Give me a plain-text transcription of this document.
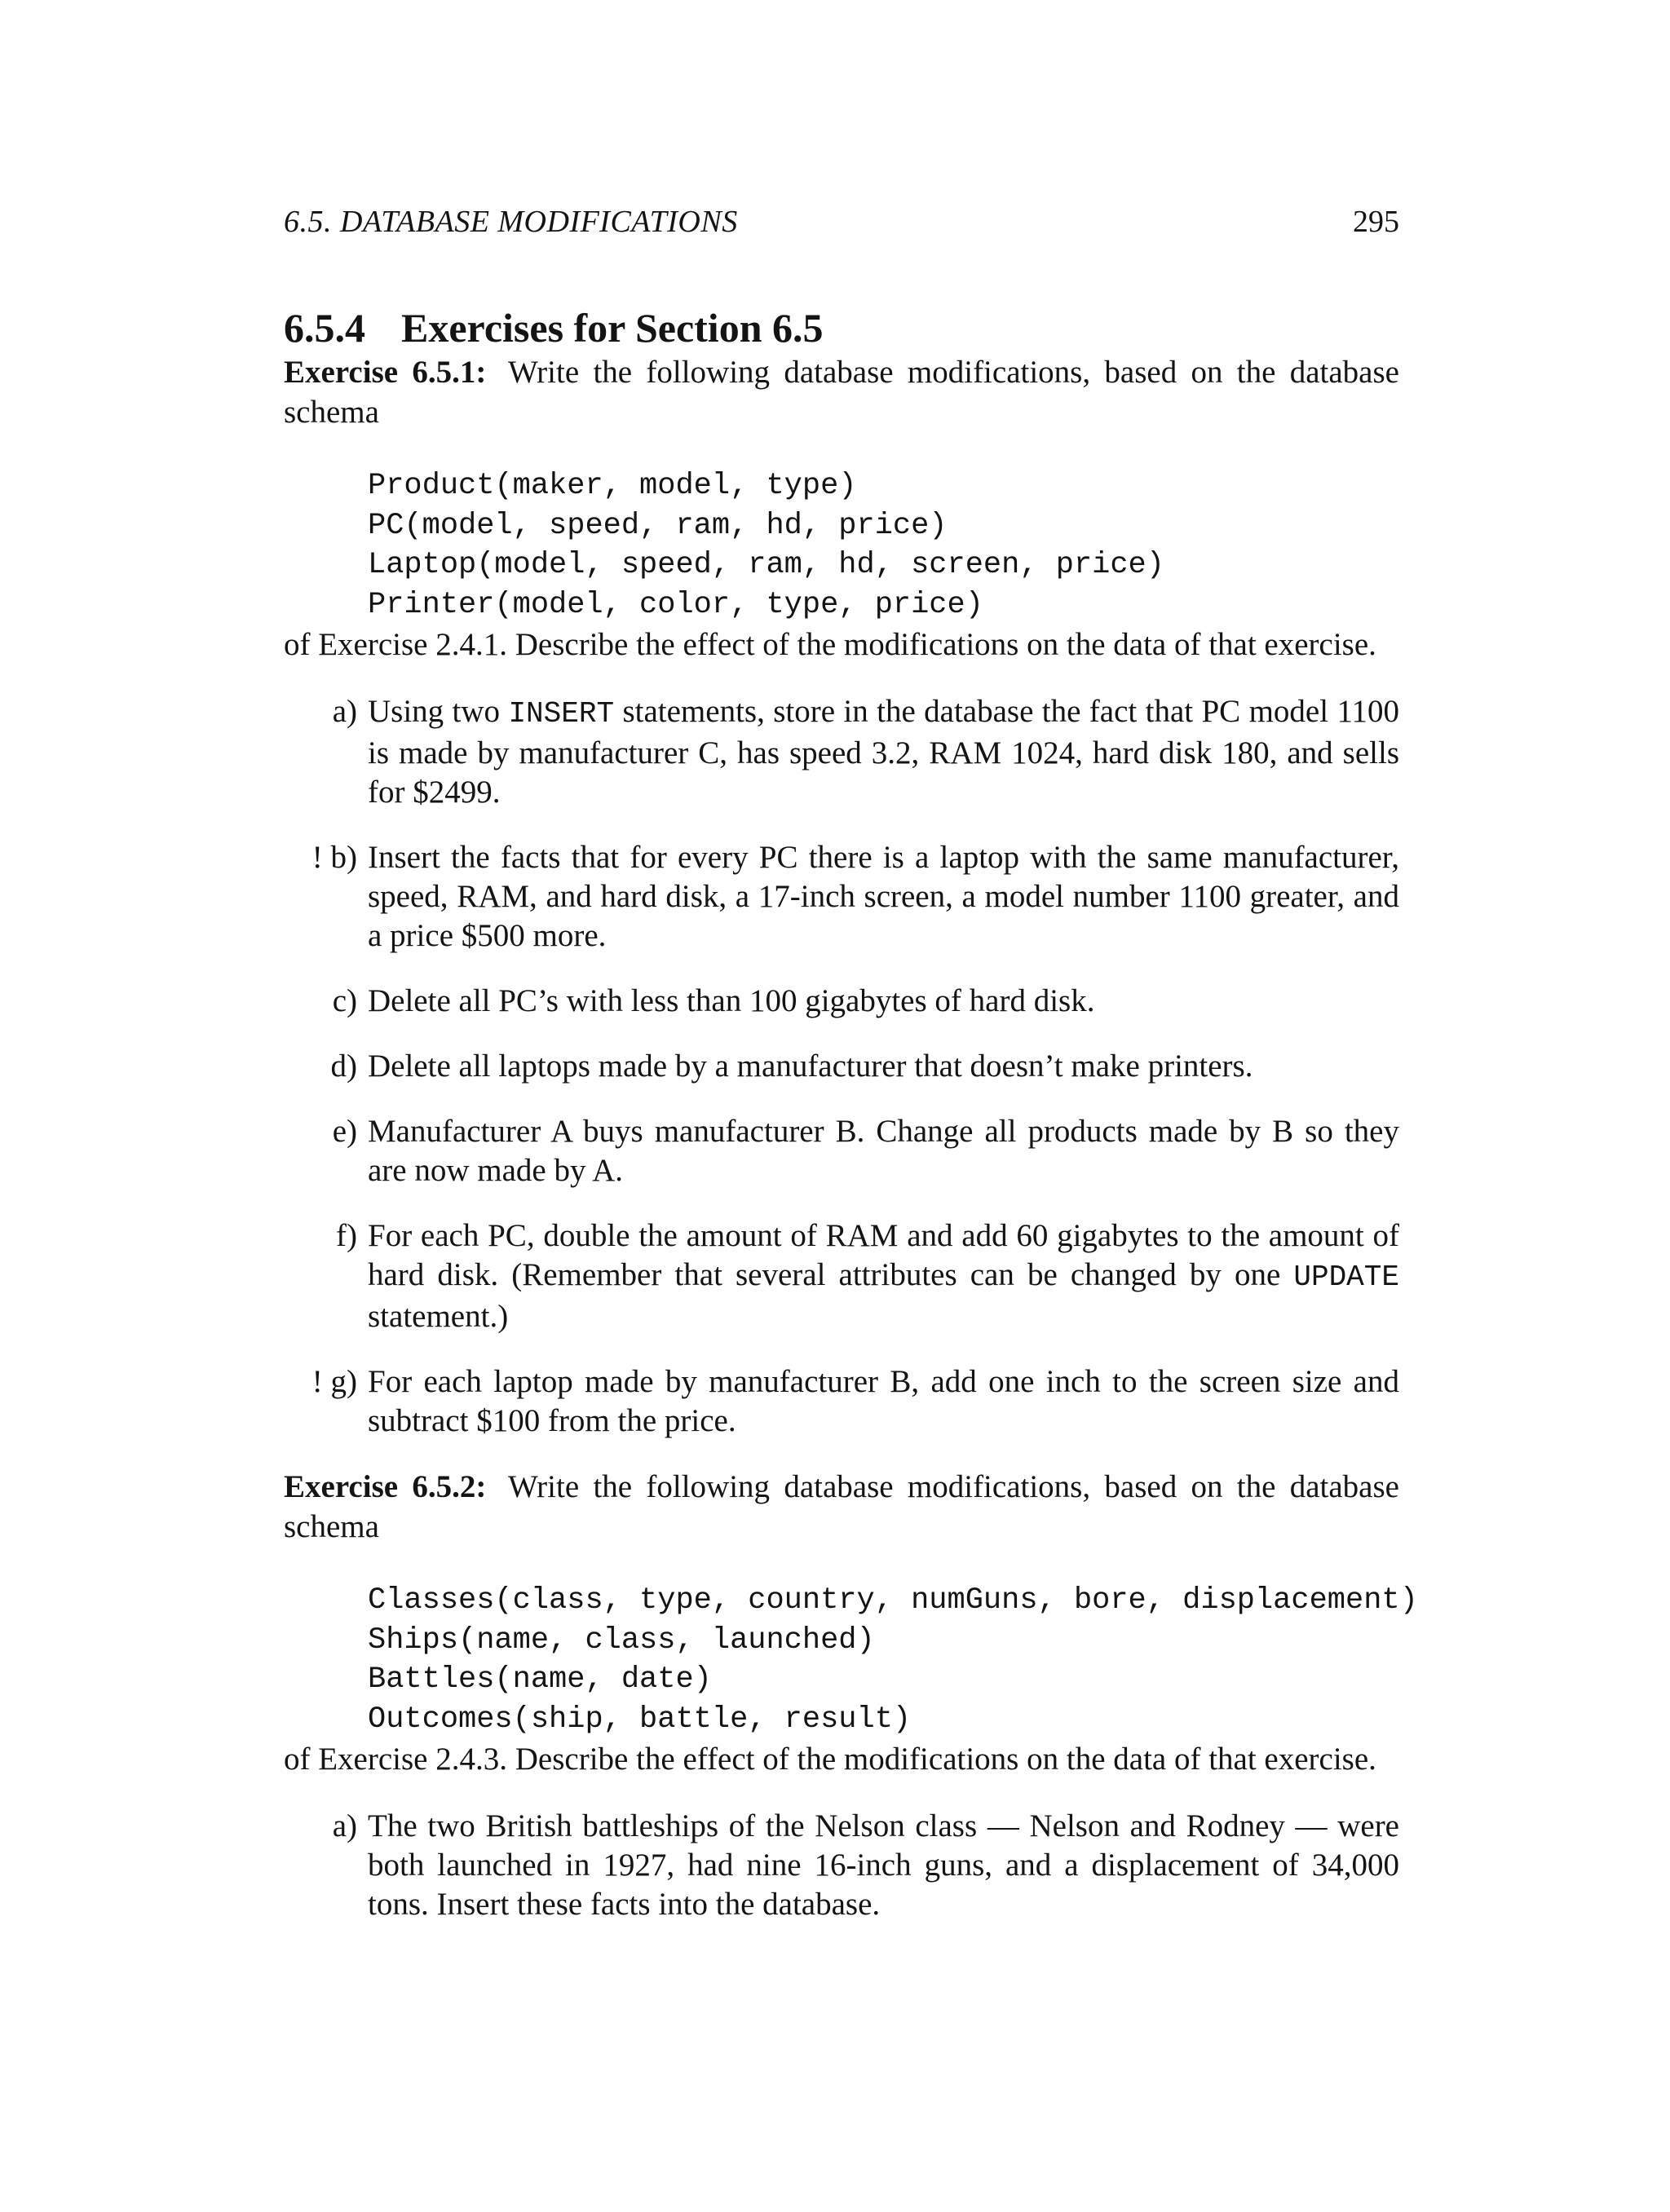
6.5. DATABASE MODIFICATIONS	295
6.5.4 Exercises for Section 6.5

Exercise 6.5.1: Write the following database modifications, based on the database schema

Product(maker, model, type)
PC(model, speed, ram, hd, price)
Laptop(model, speed, ram, hd, screen, price)
Printer(model, color, type, price)

of Exercise 2.4.1. Describe the effect of the modifications on the data of that exercise.

a) Using two INSERT statements, store in the database the fact that PC model 1100 is made by manufacturer C, has speed 3.2, RAM 1024, hard disk 180, and sells for $2499.
! b) Insert the facts that for every PC there is a laptop with the same manufacturer, speed, RAM, and hard disk, a 17-inch screen, a model number 1100 greater, and a price $500 more.
c) Delete all PC’s with less than 100 gigabytes of hard disk.
d) Delete all laptops made by a manufacturer that doesn’t make printers.
e) Manufacturer A buys manufacturer B. Change all products made by B so they are now made by A.
f) For each PC, double the amount of RAM and add 60 gigabytes to the amount of hard disk. (Remember that several attributes can be changed by one UPDATE statement.)
! g) For each laptop made by manufacturer B, add one inch to the screen size and subtract $100 from the price.

Exercise 6.5.2: Write the following database modifications, based on the database schema

Classes(class, type, country, numGuns, bore, displacement)
Ships(name, class, launched)
Battles(name, date)
Outcomes(ship, battle, result)

of Exercise 2.4.3. Describe the effect of the modifications on the data of that exercise.

a) The two British battleships of the Nelson class — Nelson and Rodney — were both launched in 1927, had nine 16-inch guns, and a displacement of 34,000 tons. Insert these facts into the database.
